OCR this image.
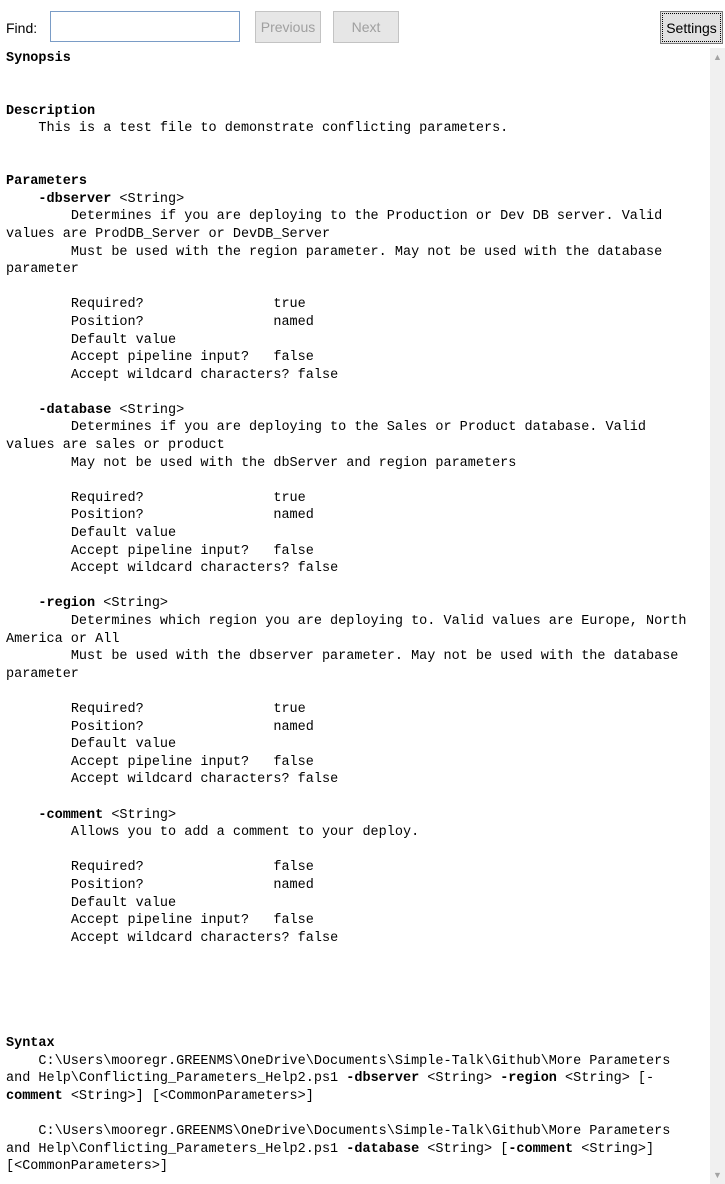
Find:	Previous	Next	Settings
▲
▼
Synopsis

Description
This is a test file to demonstrate conflicting parameters.

Parameters
-dbserver <String>
Determines if you are deploying to the Production or Dev DB server. Valid
values are ProdDB_Server or DevDB_Server
Must be used with the region parameter. May not be used with the database
parameter

Required?	true
Position?	named
Default value
Accept pipeline input? false
Accept wildcard characters? false

-database <String>
Determines if you are deploying to the Sales or Product database. Valid
values are sales or product
May not be used with the dbServer and region parameters

Required?	true
Position?	named
Default value
Accept pipeline input? false
Accept wildcard characters? false

-region <String>
Determines which region you are deploying to. Valid values are Europe, North
America or All
Must be used with the dbserver parameter. May not be used with the database
parameter

Required?	true
Position?	named
Default value
Accept pipeline input? false
Accept wildcard characters? false

-comment <String>
Allows you to add a comment to your deploy.

Required?	false
Position?	named
Default value
Accept pipeline input? false
Accept wildcard characters? false

Syntax
C:\Users\mooregr.GREENMS\OneDrive\Documents\Simple-Talk\Github\More Parameters
and Help\Conflicting_Parameters_Help2.ps1 -dbserver <String> -region <String> [-
comment <String>] [<CommonParameters>]

C:\Users\mooregr.GREENMS\OneDrive\Documents\Simple-Talk\Github\More Parameters
and Help\Conflicting_Parameters_Help2.ps1 -database <String> [-comment <String>]
[<CommonParameters>]
